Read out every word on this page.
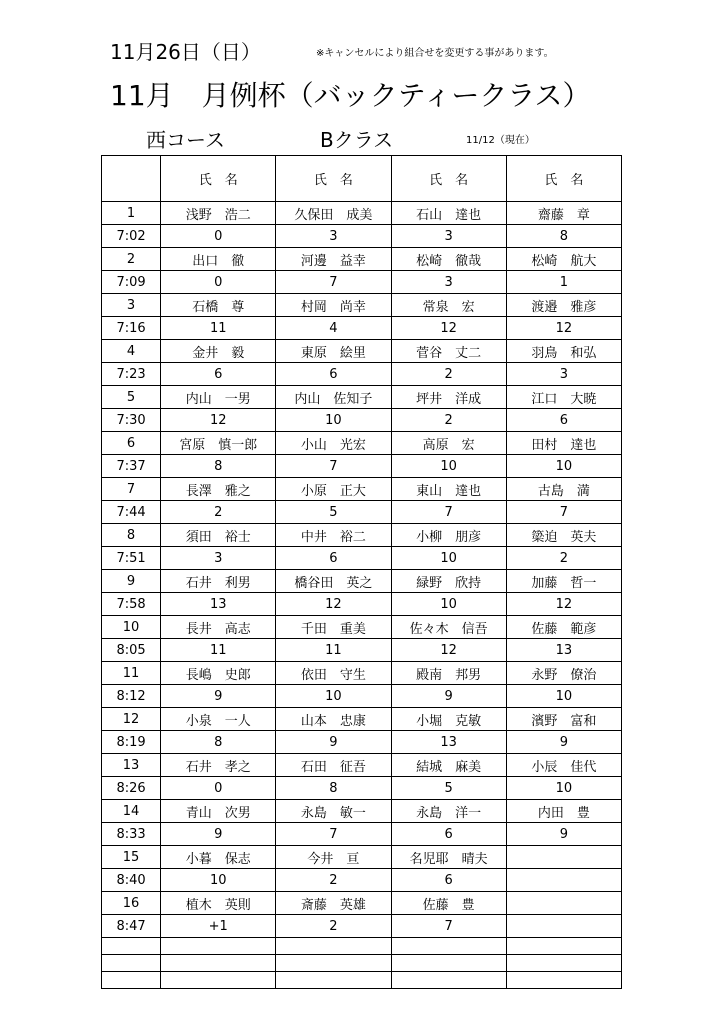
11月26日（日）	※キャンセルにより組合せを変更する事があります。
11月　月例杯（バックティークラス）
西コース	Bクラス	11/12（現在）
	氏　名	氏　名	氏　名	氏　名
1	浅野　浩二	久保田　成美	石山　達也	齋藤　章
7:02	0	3	3	8
2	出口　徹	河邊　益幸	松崎　徹哉	松崎　航大
7:09	0	7	3	1
3	石橋　尊	村岡　尚幸	常泉　宏	渡邉　雅彦
7:16	11	4	12	12
4	金井　毅	東原　絵里	菅谷　丈二	羽鳥　和弘
7:23	6	6	2	3
5	内山　一男	内山　佐知子	坪井　洋成	江口　大暁
7:30	12	10	2	6
6	宮原　慎一郎	小山　光宏	高原　宏	田村　達也
7:37	8	7	10	10
7	長澤　雅之	小原　正大	東山　達也	古島　満
7:44	2	5	7	7
8	須田　裕士	中井　裕二	小柳　朋彦	簗迫　英夫
7:51	3	6	10	2
9	石井　利男	橋谷田　英之	緑野　欣持	加藤　哲一
7:58	13	12	10	12
10	長井　高志	千田　重美	佐々木　信吾	佐藤　範彦
8:05	11	11	12	13
11	長嶋　史郎	依田　守生	殿南　邦男	永野　僚治
8:12	9	10	9	10
12	小泉　一人	山本　忠康	小堀　克敏	濱野　富和
8:19	8	9	13	9
13	石井　孝之	石田　征吾	結城　麻美	小辰　佳代
8:26	0	8	5	10
14	青山　次男	永島　敏一	永島　洋一	内田　豊
8:33	9	7	6	9
15	小暮　保志	今井　亘	名児耶　晴夫	
8:40	10	2	6	
16	植木　英則	斎藤　英雄	佐藤　豊	
8:47	+1	2	7	
